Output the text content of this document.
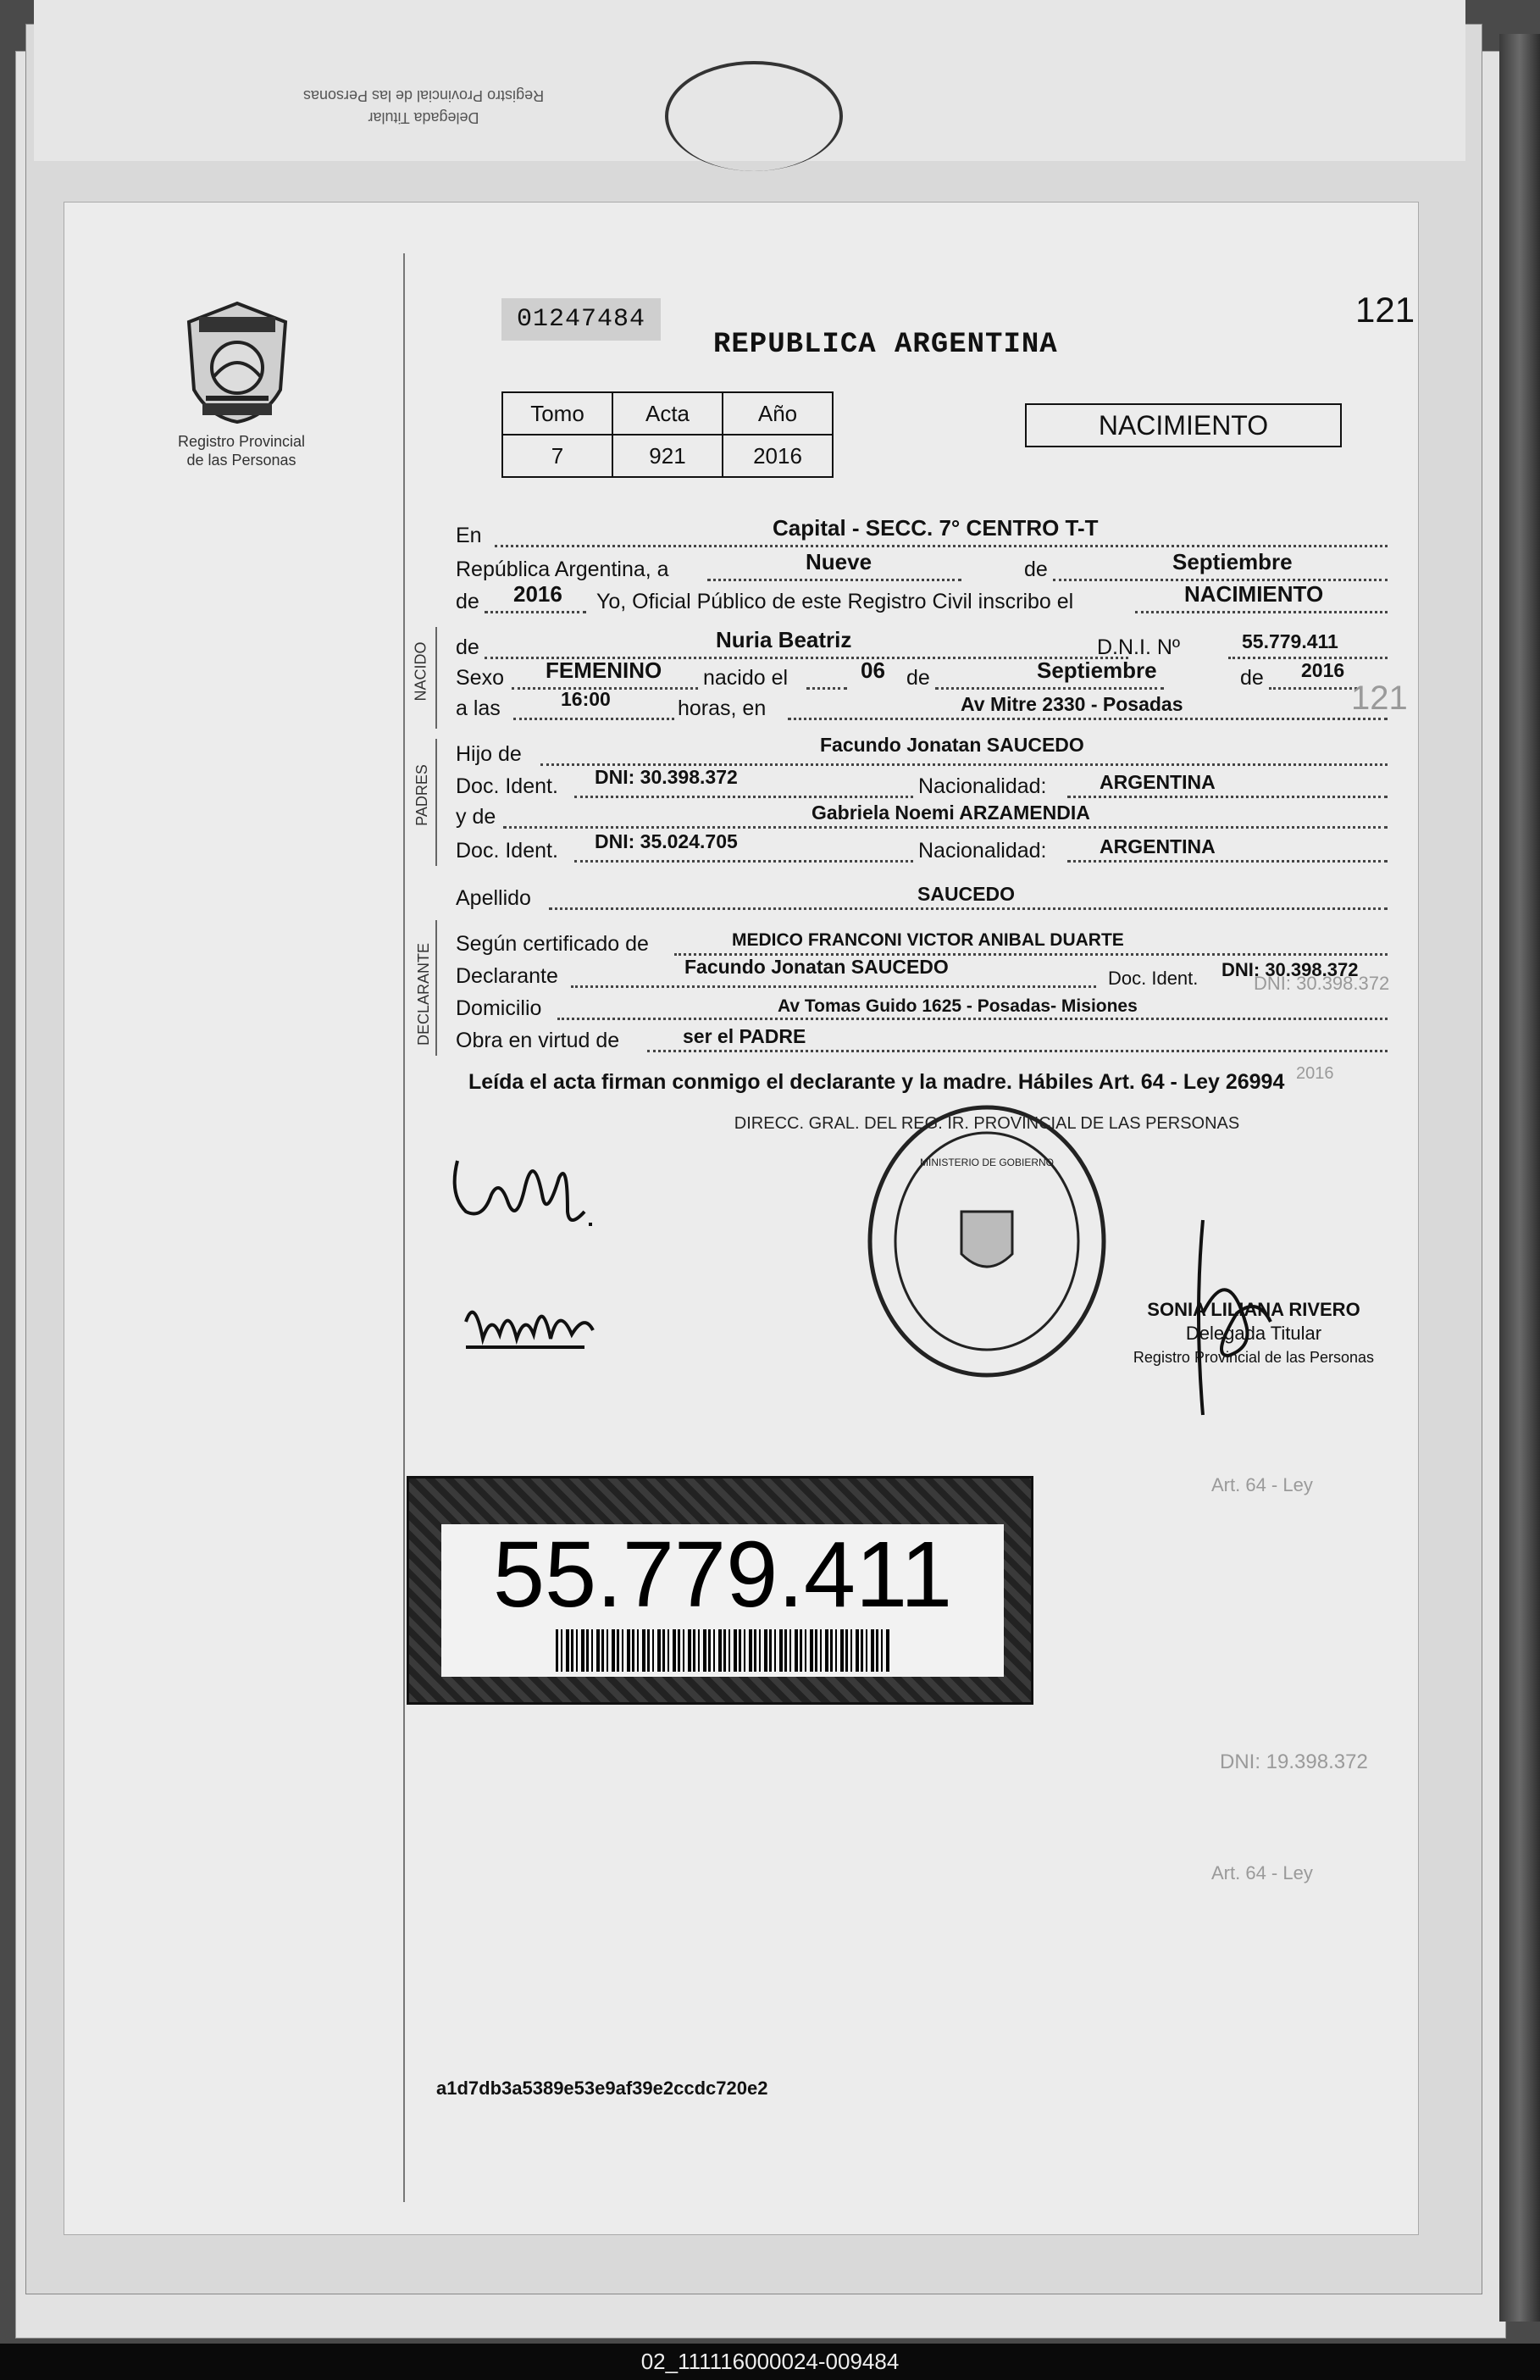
Delegada Titular
Registro Provincial de las Personas
Registro Provincial
de las Personas
01247484	121
REPUBLICA ARGENTINA
Tomo	Acta	Año
7	921	2016
NACIMIENTO
NACIDO
PADRES
DECLARANTE
En	Capital - SECC. 7° CENTRO T-T
República Argentina, a	Nueve	de	Septiembre
de 2016 Yo, Oficial Público de este Registro Civil inscribo el	NACIMIENTO
de	Nuria Beatriz	D.N.I. Nº	55.779.411
Sexo FEMENINO nacido el	06 de	Septiembre	de 2016
a las	16:00	horas, en	Av Mitre 2330 - Posadas
Hijo de	Facundo Jonatan SAUCEDO
Doc. Ident. DNI: 30.398.372	Nacionalidad:	ARGENTINA
y de	Gabriela Noemi ARZAMENDIA
Doc. Ident. DNI: 35.024.705	Nacionalidad:	ARGENTINA
Apellido	SAUCEDO
Según certificado de	MEDICO FRANCONI VICTOR ANIBAL DUARTE
Declarante	Facundo Jonatan SAUCEDO
Doc. Ident. DNI: 30.398.372
Domicilio	Av Tomas Guido 1625 - Posadas- Misiones
Obra en virtud de	ser el PADRE
Leída el acta firman conmigo el declarante y la madre. Hábiles Art. 64 - Ley 26994
DIRECC. GRAL. DEL REG. IR. PROVINCIAL DE LAS PERSONAS
MINISTERIO DE GOBIERNO
SONIA LILIANA RIVERO
Delegada Titular
Registro Provincial de las Personas
55.779.411
a1d7db3a5389e53e9af39e2ccdc720e2
DNI: 30.398.372
Art. 64 - Ley
DNI: 19.398.372
Art. 64 - Ley
121
2016
02_111116000024-009484
